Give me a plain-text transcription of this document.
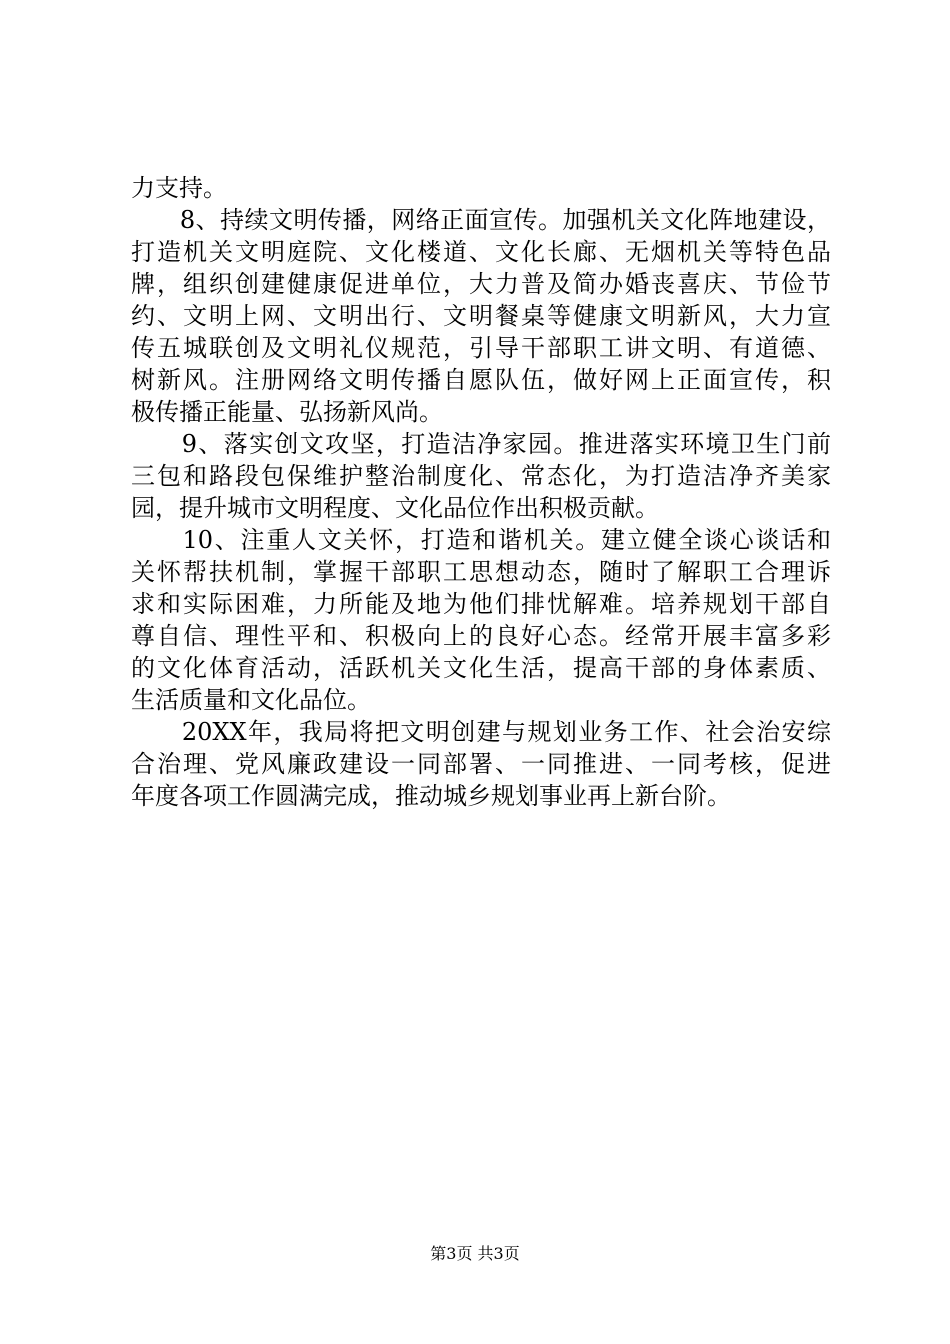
力支持。
　　8、持续文明传播，网络正面宣传。加强机关文化阵地建设，
打造机关文明庭院、文化楼道、文化长廊、无烟机关等特色品
牌，组织创建健康促进单位，大力普及简办婚丧喜庆、节俭节
约、文明上网、文明出行、文明餐桌等健康文明新风，大力宣
传五城联创及文明礼仪规范，引导干部职工讲文明、有道德、
树新风。注册网络文明传播自愿队伍，做好网上正面宣传，积
极传播正能量、弘扬新风尚。
　　9、落实创文攻坚，打造洁净家园。推进落实环境卫生门前
三包和路段包保维护整治制度化、常态化，为打造洁净齐美家
园，提升城市文明程度、文化品位作出积极贡献。
　　10、注重人文关怀，打造和谐机关。建立健全谈心谈话和
关怀帮扶机制，掌握干部职工思想动态，随时了解职工合理诉
求和实际困难，力所能及地为他们排忧解难。培养规划干部自
尊自信、理性平和、积极向上的良好心态。经常开展丰富多彩
的文化体育活动，活跃机关文化生活，提高干部的身体素质、
生活质量和文化品位。
　　20XX年，我局将把文明创建与规划业务工作、社会治安综
合治理、党风廉政建设一同部署、一同推进、一同考核，促进
年度各项工作圆满完成，推动城乡规划事业再上新台阶。
第3页 共3页
